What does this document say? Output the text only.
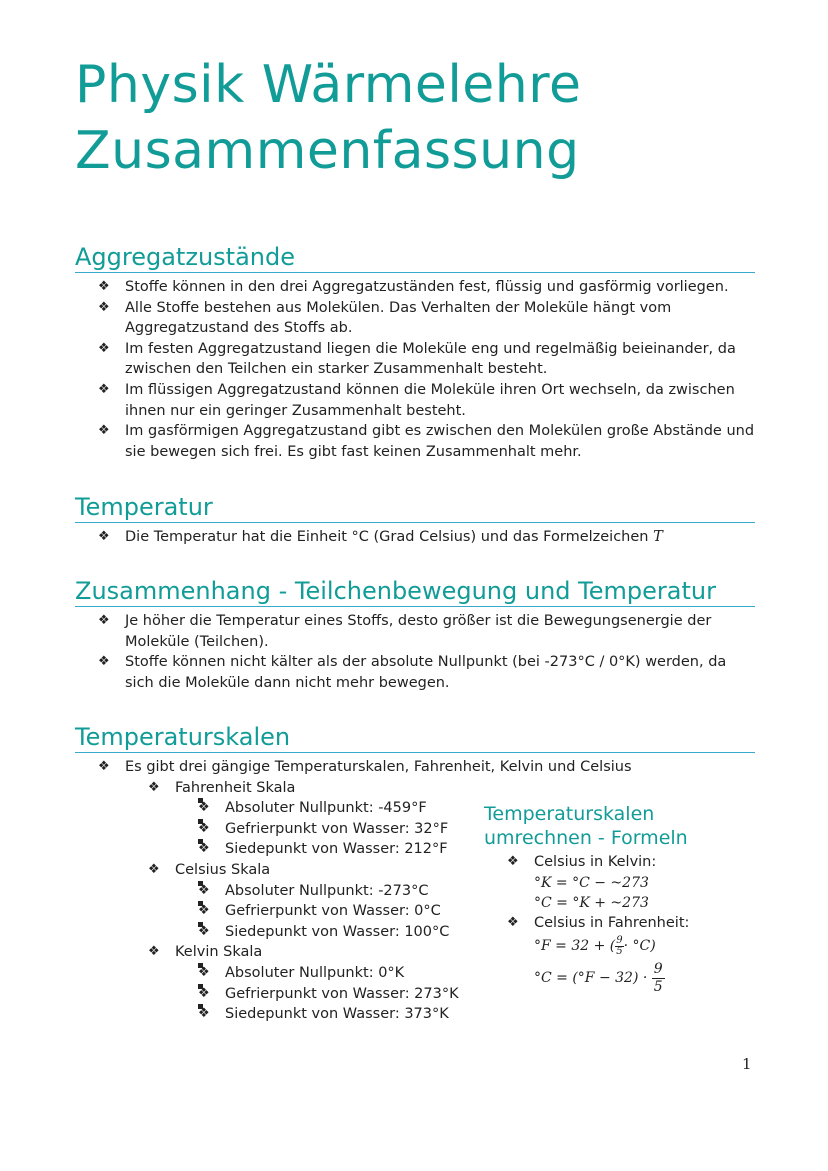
Physik Wärmelehre
Zusammenfassung
Aggregatzustände
❖ Stoffe können in den drei Aggregatzuständen fest, flüssig und gasförmig vorliegen.
❖ Alle Stoffe bestehen aus Molekülen. Das Verhalten der Moleküle hängt vom Aggregatzustand des Stoffs ab.
❖ Im festen Aggregatzustand liegen die Moleküle eng und regelmäßig beieinander, da zwischen den Teilchen ein starker Zusammenhalt besteht.
❖ Im flüssigen Aggregatzustand können die Moleküle ihren Ort wechseln, da zwischen ihnen nur ein geringer Zusammenhalt besteht.
❖ Im gasförmigen Aggregatzustand gibt es zwischen den Molekülen große Abstände und sie bewegen sich frei. Es gibt fast keinen Zusammenhalt mehr.
Temperatur
❖ Die Temperatur hat die Einheit °C (Grad Celsius) und das Formelzeichen T
Zusammenhang - Teilchenbewegung und Temperatur
❖ Je höher die Temperatur eines Stoffs, desto größer ist die Bewegungsenergie der Moleküle (Teilchen).
❖ Stoffe können nicht kälter als der absolute Nullpunkt (bei -273°C / 0°K) werden, da sich die Moleküle dann nicht mehr bewegen.
Temperaturskalen
❖ Es gibt drei gängige Temperaturskalen, Fahrenheit, Kelvin und Celsius
❖ Fahrenheit Skala
❖ Absoluter Nullpunkt: -459°F
❖ Gefrierpunkt von Wasser: 32°F
❖ Siedepunkt von Wasser: 212°F
❖ Celsius Skala
❖ Absoluter Nullpunkt: -273°C
❖ Gefrierpunkt von Wasser: 0°C
❖ Siedepunkt von Wasser: 100°C
❖ Kelvin Skala
❖ Absoluter Nullpunkt: 0°K
❖ Gefrierpunkt von Wasser: 273°K
❖ Siedepunkt von Wasser: 373°K
Temperaturskalen
umrechnen - Formeln
❖ Celsius in Kelvin:
°K = °C − ~273
°C = °K + ~273
❖ Celsius in Fahrenheit:
°F = 32 + ( $\frac{9}{5} \cdot ^\circ C$)
$^\circ C = (^\circ F - 32) \cdot \frac{9}{5}$
1
